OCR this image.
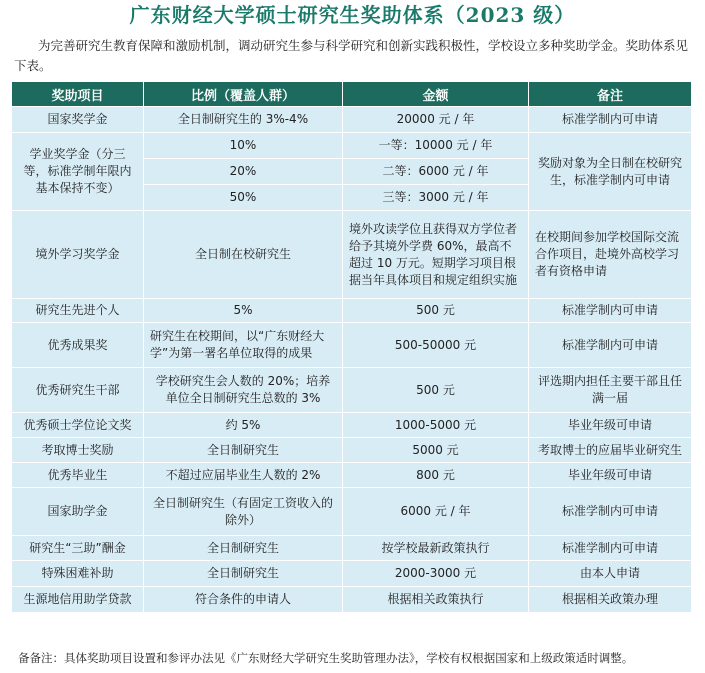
广东财经大学硕士研究生奖助体系（2023 级）
为完善研究生教育保障和激励机制，调动研究生参与科学研究和创新实践积极性，学校设立多种奖助学金。奖助体系见下表。
奖助项目	比例（覆盖人群）	金额	备注
国家奖学金	全日制研究生的 3%-4%	20000 元 / 年	标准学制内可申请
学业奖学金（分三等，标准学制年限内基本保持不变）	10%	一等：10000 元 / 年	奖励对象为全日制在校研究生，标准学制内可申请
	20%	二等：6000 元 / 年	
	50%	三等：3000 元 / 年	
境外学习奖学金	全日制在校研究生	境外攻读学位且获得双方学位者给予其境外学费 60%，最高不超过 10 万元。短期学习项目根据当年具体项目和规定组织实施	在校期间参加学校国际交流合作项目，赴境外高校学习者有资格申请
研究生先进个人	5%	500 元	标准学制内可申请
优秀成果奖	研究生在校期间，以“广东财经大学”为第一署名单位取得的成果	500-50000 元	标准学制内可申请
优秀研究生干部	学校研究生会人数的 20%；培养单位全日制研究生总数的 3%	500 元	评选期内担任主要干部且任满一届
优秀硕士学位论文奖	约 5%	1000-5000 元	毕业年级可申请
考取博士奖励	全日制研究生	5000 元	考取博士的应届毕业研究生
优秀毕业生	不超过应届毕业生人数的 2%	800 元	毕业年级可申请
国家助学金	全日制研究生（有固定工资收入的除外）	6000 元 / 年	标准学制内可申请
研究生“三助”酬金	全日制研究生	按学校最新政策执行	标准学制内可申请
特殊困难补助	全日制研究生	2000-3000 元	由本人申请
生源地信用助学贷款	符合条件的申请人	根据相关政策执行	根据相关政策办理
备备注：具体奖助项目设置和参评办法见《广东财经大学研究生奖助管理办法》，学校有权根据国家和上级政策适时调整。
